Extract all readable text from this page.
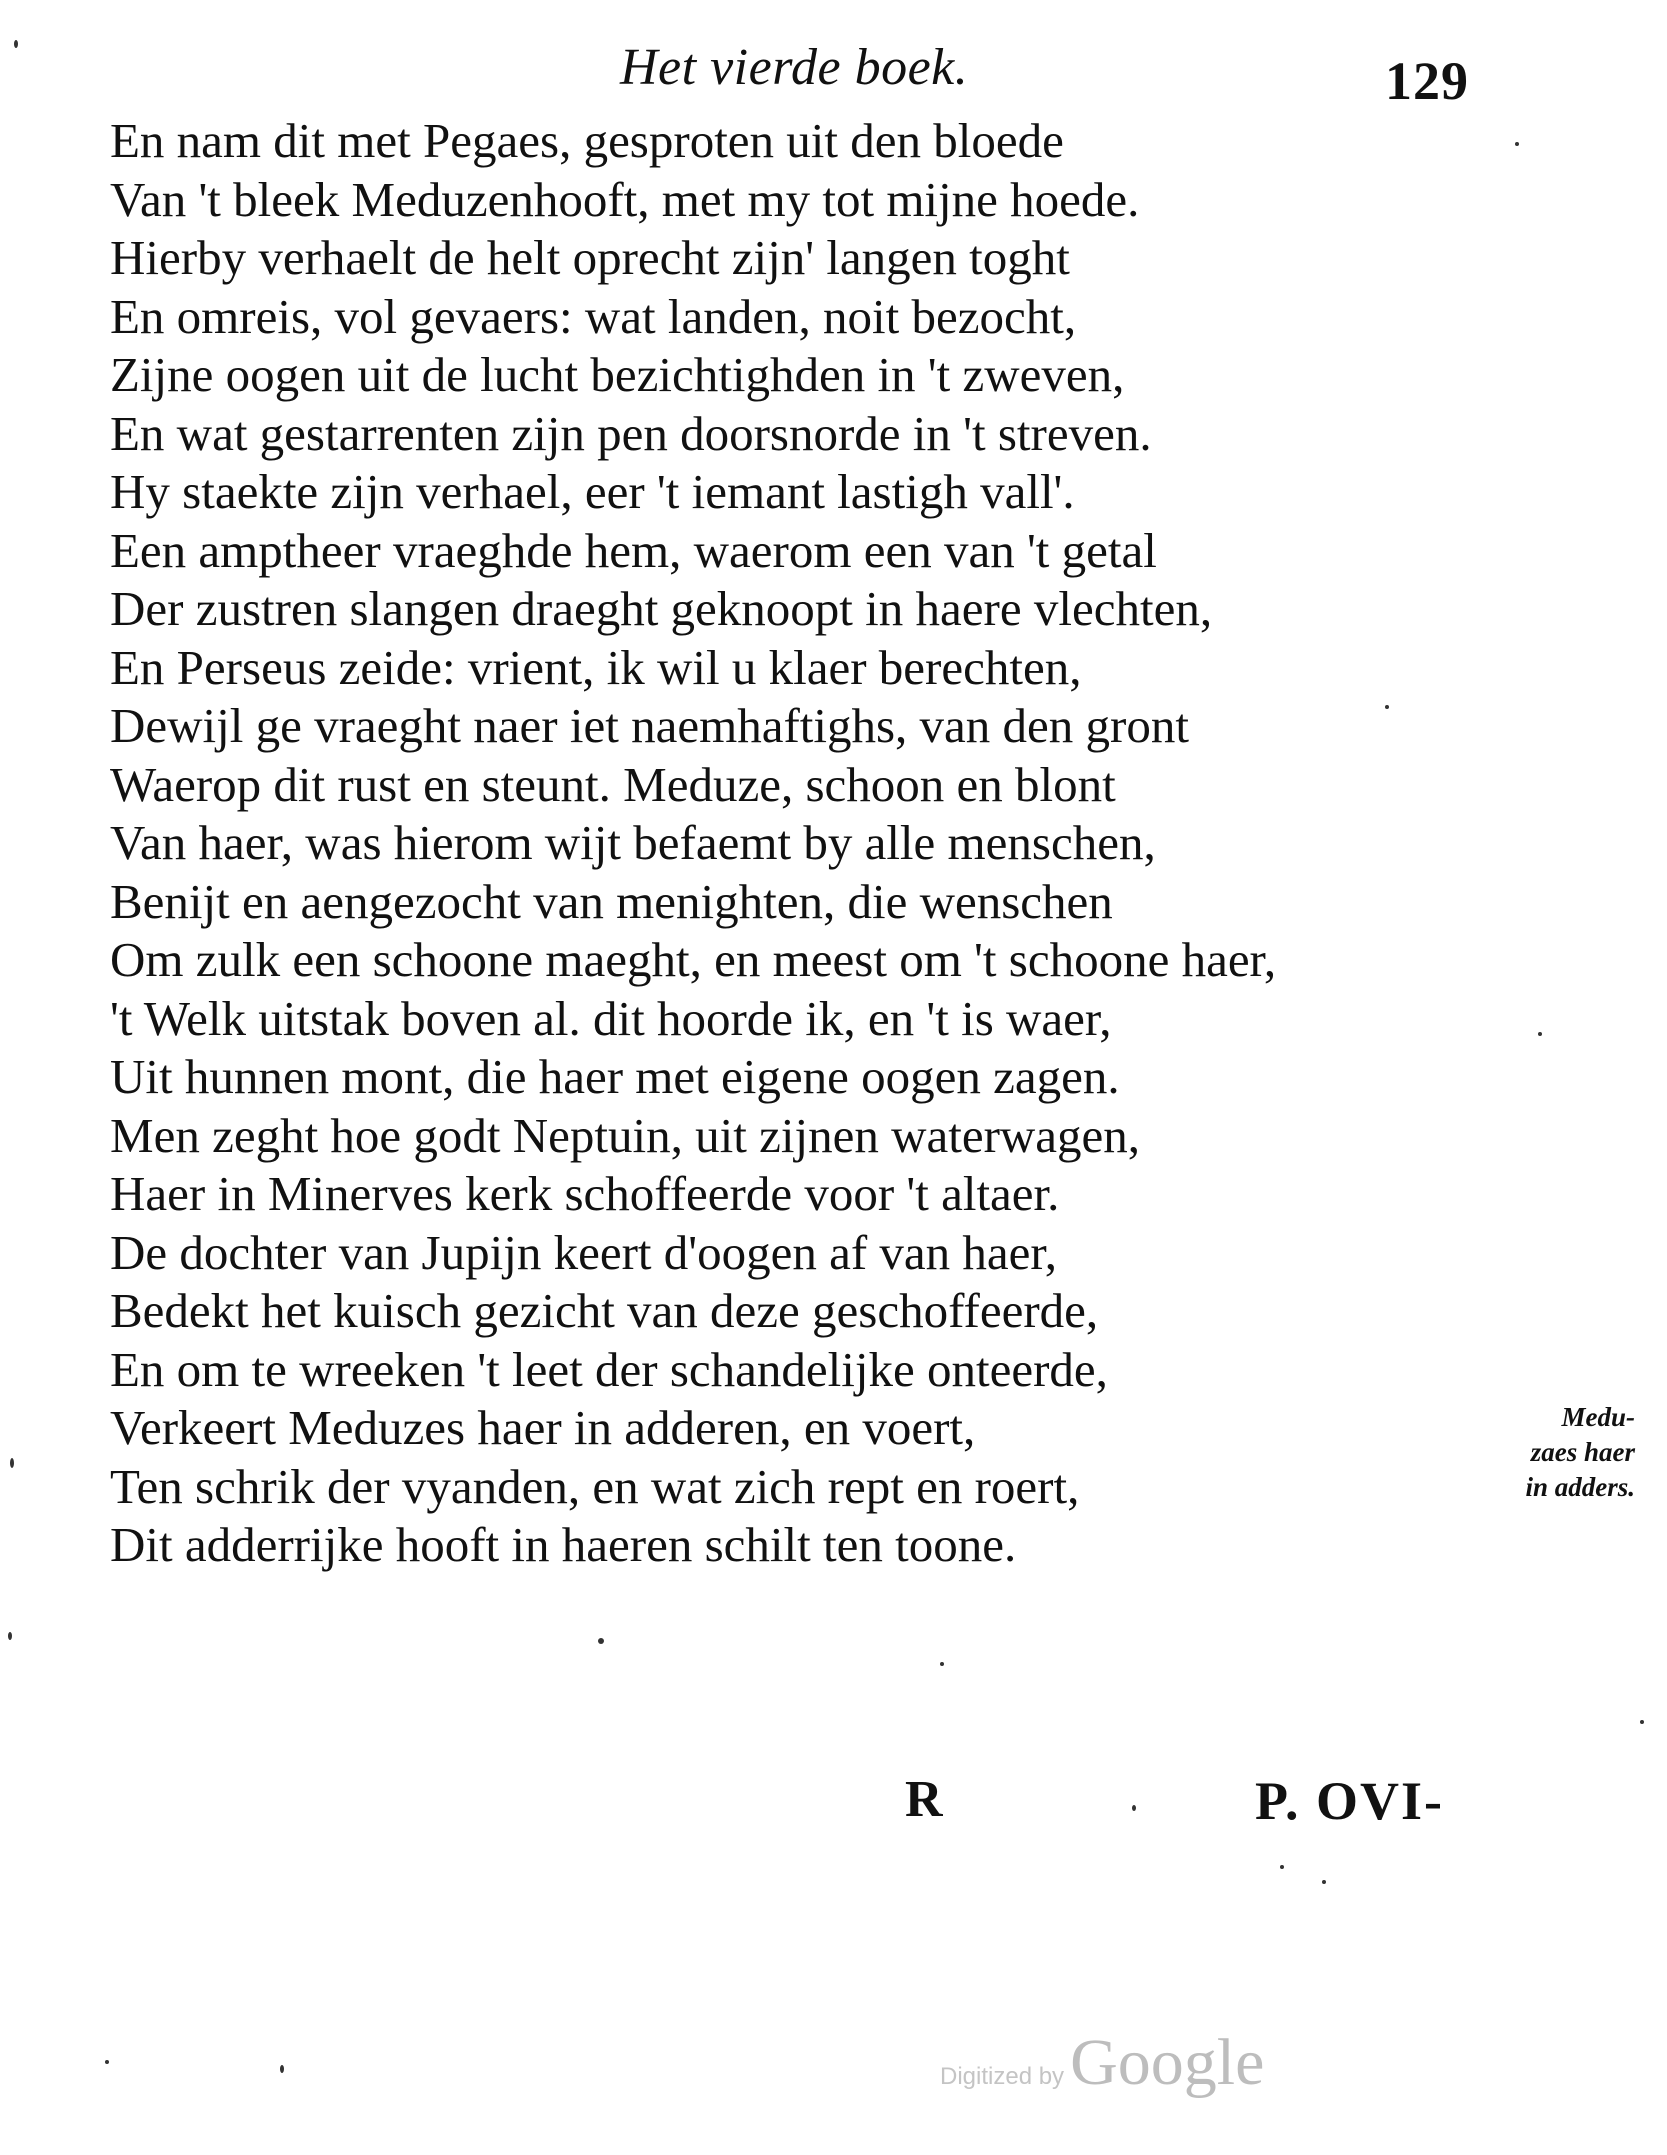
Het vierde boek.	129
En nam dit met Pegaes, gesproten uit den bloede
Van 't bleek Meduzenhooft, met my tot mijne hoede.
Hierby verhaelt de helt oprecht zijn' langen toght
En omreis, vol gevaers: wat landen, noit bezocht,
Zijne oogen uit de lucht bezichtighden in 't zweven,
En wat gestarrenten zijn pen doorsnorde in 't streven.
Hy staekte zijn verhael, eer 't iemant lastigh vall'.
Een amptheer vraeghde hem, waerom een van 't getal
Der zustren slangen draeght geknoopt in haere vlechten,
En Perseus zeide: vrient, ik wil u klaer berechten,
Dewijl ge vraeght naer iet naemhaftighs, van den gront
Waerop dit rust en steunt. Meduze, schoon en blont
Van haer, was hierom wijt befaemt by alle menschen,
Benijt en aengezocht van menighten, die wenschen
Om zulk een schoone maeght, en meest om 't schoone haer,
't Welk uitstak boven al. dit hoorde ik, en 't is waer,
Uit hunnen mont, die haer met eigene oogen zagen.
Men zeght hoe godt Neptuin, uit zijnen waterwagen,
Haer in Minerves kerk schoffeerde voor 't altaer.
De dochter van Jupijn keert d'oogen af van haer,
Bedekt het kuisch gezicht van deze geschoffeerde,
En om te wreeken 't leet der schandelijke onteerde,
Verkeert Meduzes haer in adderen, en voert,
Ten schrik der vyanden, en wat zich rept en roert,
Dit adderrijke hooft in haeren schilt ten toone.
Medu-
zaes haer
in adders.
R	P. OVI-
Digitized byGoogle
